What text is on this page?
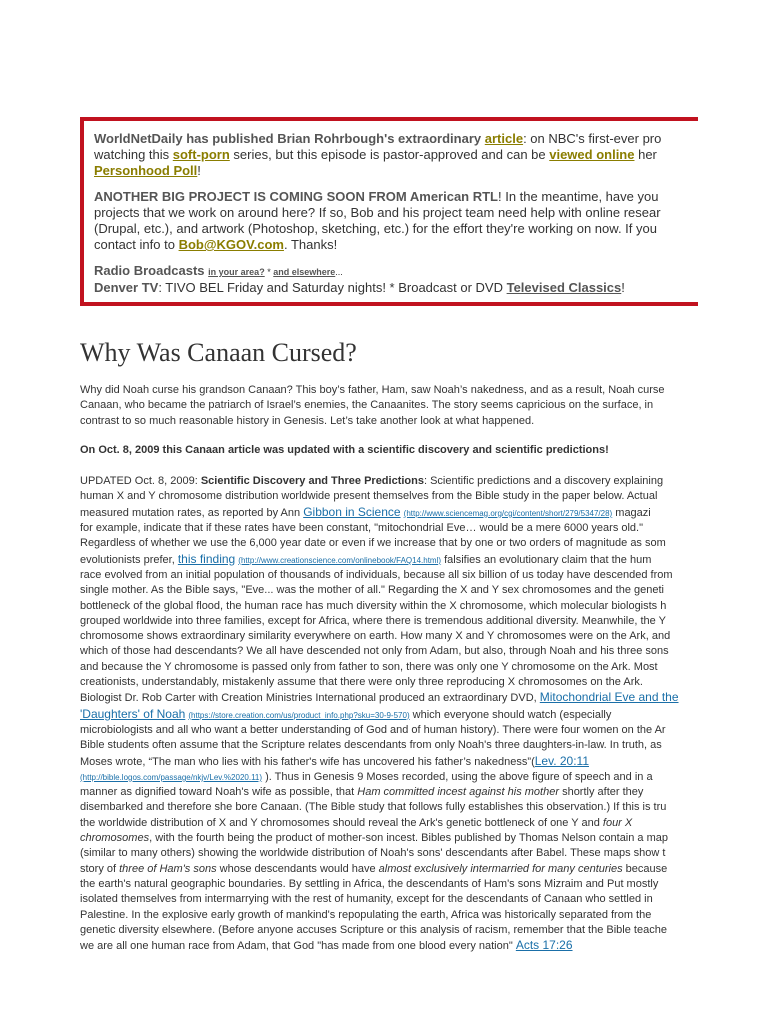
WorldNetDaily has published Brian Rohrbough's extraordinary article: on NBC's first-ever pro

watching this soft-porn series, but this episode is pastor-approved and can be viewed online her

Personhood Poll!

ANOTHER BIG PROJECT IS COMING SOON FROM American RTL! In the meantime, have you

projects that we work on around here? If so, Bob and his project team need help with online resear

(Drupal, etc.), and artwork (Photoshop, sketching, etc.) for the effort they're working on now. If you

contact info to Bob@KGOV.com. Thanks!

Radio Broadcasts in your area? * and elsewhere...

Denver TV: TIVO BEL Friday and Saturday nights! * Broadcast or DVD Televised Classics!

Why Was Canaan Cursed?

Why did Noah curse his grandson Canaan? This boy’s father, Ham, saw Noah’s nakedness, and as a result, Noah curse

Canaan, who became the patriarch of Israel’s enemies, the Canaanites. The story seems capricious on the surface, in

contrast to so much reasonable history in Genesis. Let’s take another look at what happened.

On Oct. 8, 2009 this Canaan article was updated with a scientific discovery and scientific predictions!

UPDATED Oct. 8, 2009: Scientific Discovery and Three Predictions: Scientific predictions and a discovery explaining

human X and Y chromosome distribution worldwide present themselves from the Bible study in the paper below. Actual

measured mutation rates, as reported by Ann Gibbon in Science (http://www.sciencemag.org/cgi/content/short/279/5347/28) magazi

for example, indicate that if these rates have been constant, "mitochondrial Eve… would be a mere 6000 years old."

Regardless of whether we use the 6,000 year date or even if we increase that by one or two orders of magnitude as som

evolutionists prefer, this finding (http://www.creationscience.com/onlinebook/FAQ14.html) falsifies an evolutionary claim that the hum

race evolved from an initial population of thousands of individuals, because all six billion of us today have descended from

single mother. As the Bible says, "Eve... was the mother of all." Regarding the X and Y sex chromosomes and the geneti

bottleneck of the global flood, the human race has much diversity within the X chromosome, which molecular biologists h

grouped worldwide into three families, except for Africa, where there is tremendous additional diversity. Meanwhile, the Y

chromosome shows extraordinary similarity everywhere on earth. How many X and Y chromosomes were on the Ark, and

which of those had descendants? We all have descended not only from Adam, but also, through Noah and his three sons

and because the Y chromosome is passed only from father to son, there was only one Y chromosome on the Ark. Most

creationists, understandably, mistakenly assume that there were only three reproducing X chromosomes on the Ark.

Biologist Dr. Rob Carter with Creation Ministries International produced an extraordinary DVD, Mitochondrial Eve and the

'Daughters' of Noah (https://store.creation.com/us/product_info.php?sku=30-9-570) which everyone should watch (especially

microbiologists and all who want a better understanding of God and of human history). There were four women on the Ar

Bible students often assume that the Scripture relates descendants from only Noah's three daughters-in-law. In truth, as

Moses wrote, “The man who lies with his father's wife has uncovered his father’s nakedness”(Lev. 20:11

(http://bible.logos.com/passage/nkjv/Lev.%2020.11) ). Thus in Genesis 9 Moses recorded, using the above figure of speech and in a

manner as dignified toward Noah's wife as possible, that Ham committed incest against his mother shortly after they

disembarked and therefore she bore Canaan. (The Bible study that follows fully establishes this observation.) If this is tru

the worldwide distribution of X and Y chromosomes should reveal the Ark's genetic bottleneck of one Y and four X

chromosomes, with the fourth being the product of mother-son incest. Bibles published by Thomas Nelson contain a map

(similar to many others) showing the worldwide distribution of Noah's sons' descendants after Babel. These maps show t

story of three of Ham's sons whose descendants would have almost exclusively intermarried for many centuries because

the earth's natural geographic boundaries. By settling in Africa, the descendants of Ham's sons Mizraim and Put mostly

isolated themselves from intermarrying with the rest of humanity, except for the descendants of Canaan who settled in

Palestine. In the explosive early growth of mankind's repopulating the earth, Africa was historically separated from the

genetic diversity elsewhere. (Before anyone accuses Scripture or this analysis of racism, remember that the Bible teache

we are all one human race from Adam, that God "has made from one blood every nation" Acts 17:26
